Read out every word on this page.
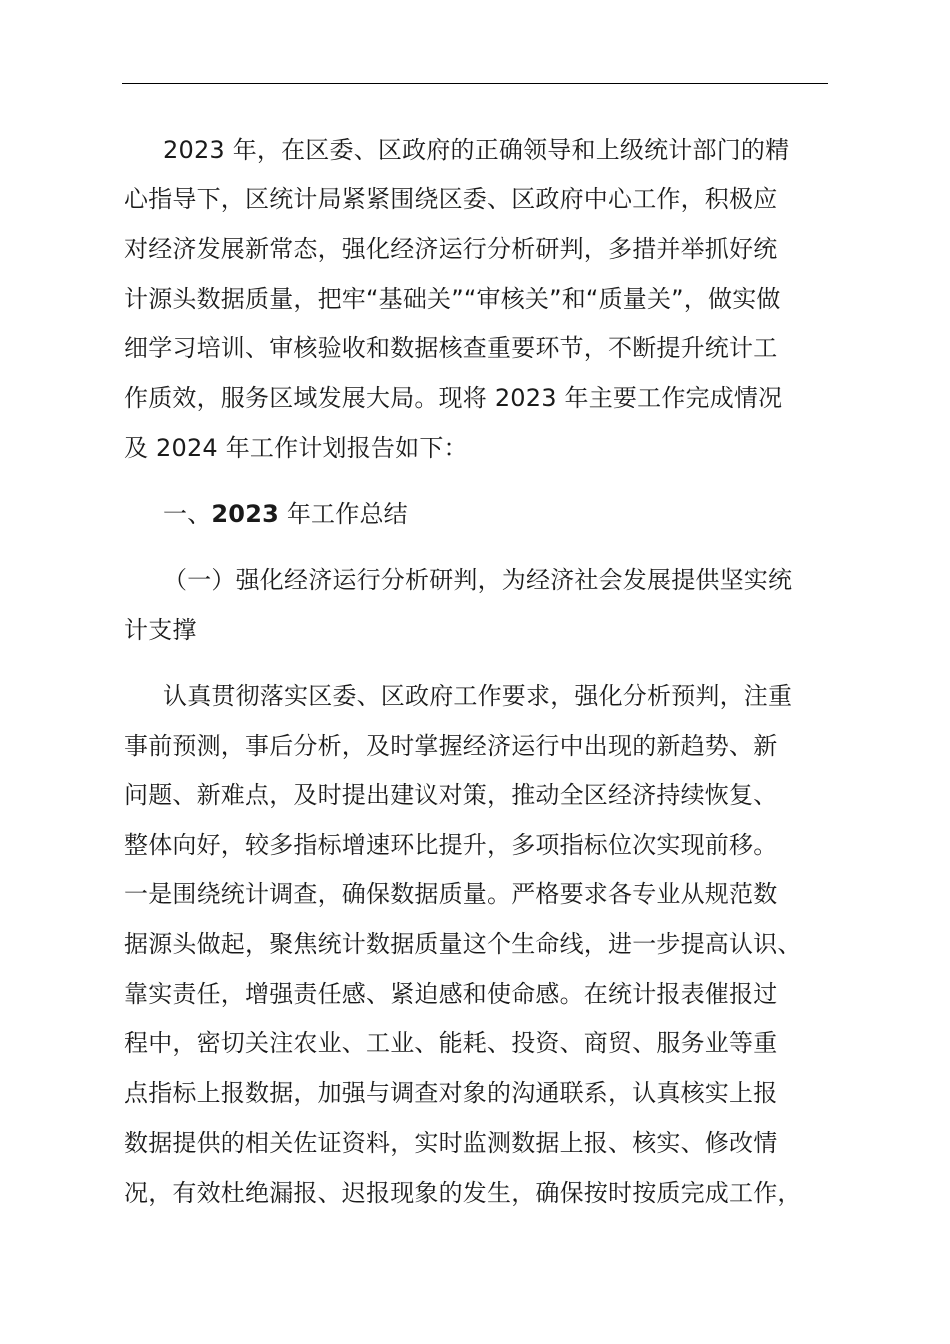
2023 年，在区委、区政府的正确领导和上级统计部门的精
心指导下，区统计局紧紧围绕区委、区政府中心工作，积极应
对经济发展新常态，强化经济运行分析研判，多措并举抓好统
计源头数据质量，把牢“基础关”“审核关”和“质量关”，做实做
细学习培训、审核验收和数据核查重要环节，不断提升统计工
作质效，服务区域发展大局。现将 2023 年主要工作完成情况
及 2024 年工作计划报告如下：
一、2023 年工作总结
（一）强化经济运行分析研判，为经济社会发展提供坚实统
计支撑
认真贯彻落实区委、区政府工作要求，强化分析预判，注重
事前预测，事后分析，及时掌握经济运行中出现的新趋势、新
问题、新难点，及时提出建议对策，推动全区经济持续恢复、
整体向好，较多指标增速环比提升，多项指标位次实现前移。
一是围绕统计调查，确保数据质量。严格要求各专业从规范数
据源头做起，聚焦统计数据质量这个生命线，进一步提高认识、
靠实责任，增强责任感、紧迫感和使命感。在统计报表催报过
程中，密切关注农业、工业、能耗、投资、商贸、服务业等重
点指标上报数据，加强与调查对象的沟通联系，认真核实上报
数据提供的相关佐证资料，实时监测数据上报、核实、修改情
况，有效杜绝漏报、迟报现象的发生，确保按时按质完成工作，
